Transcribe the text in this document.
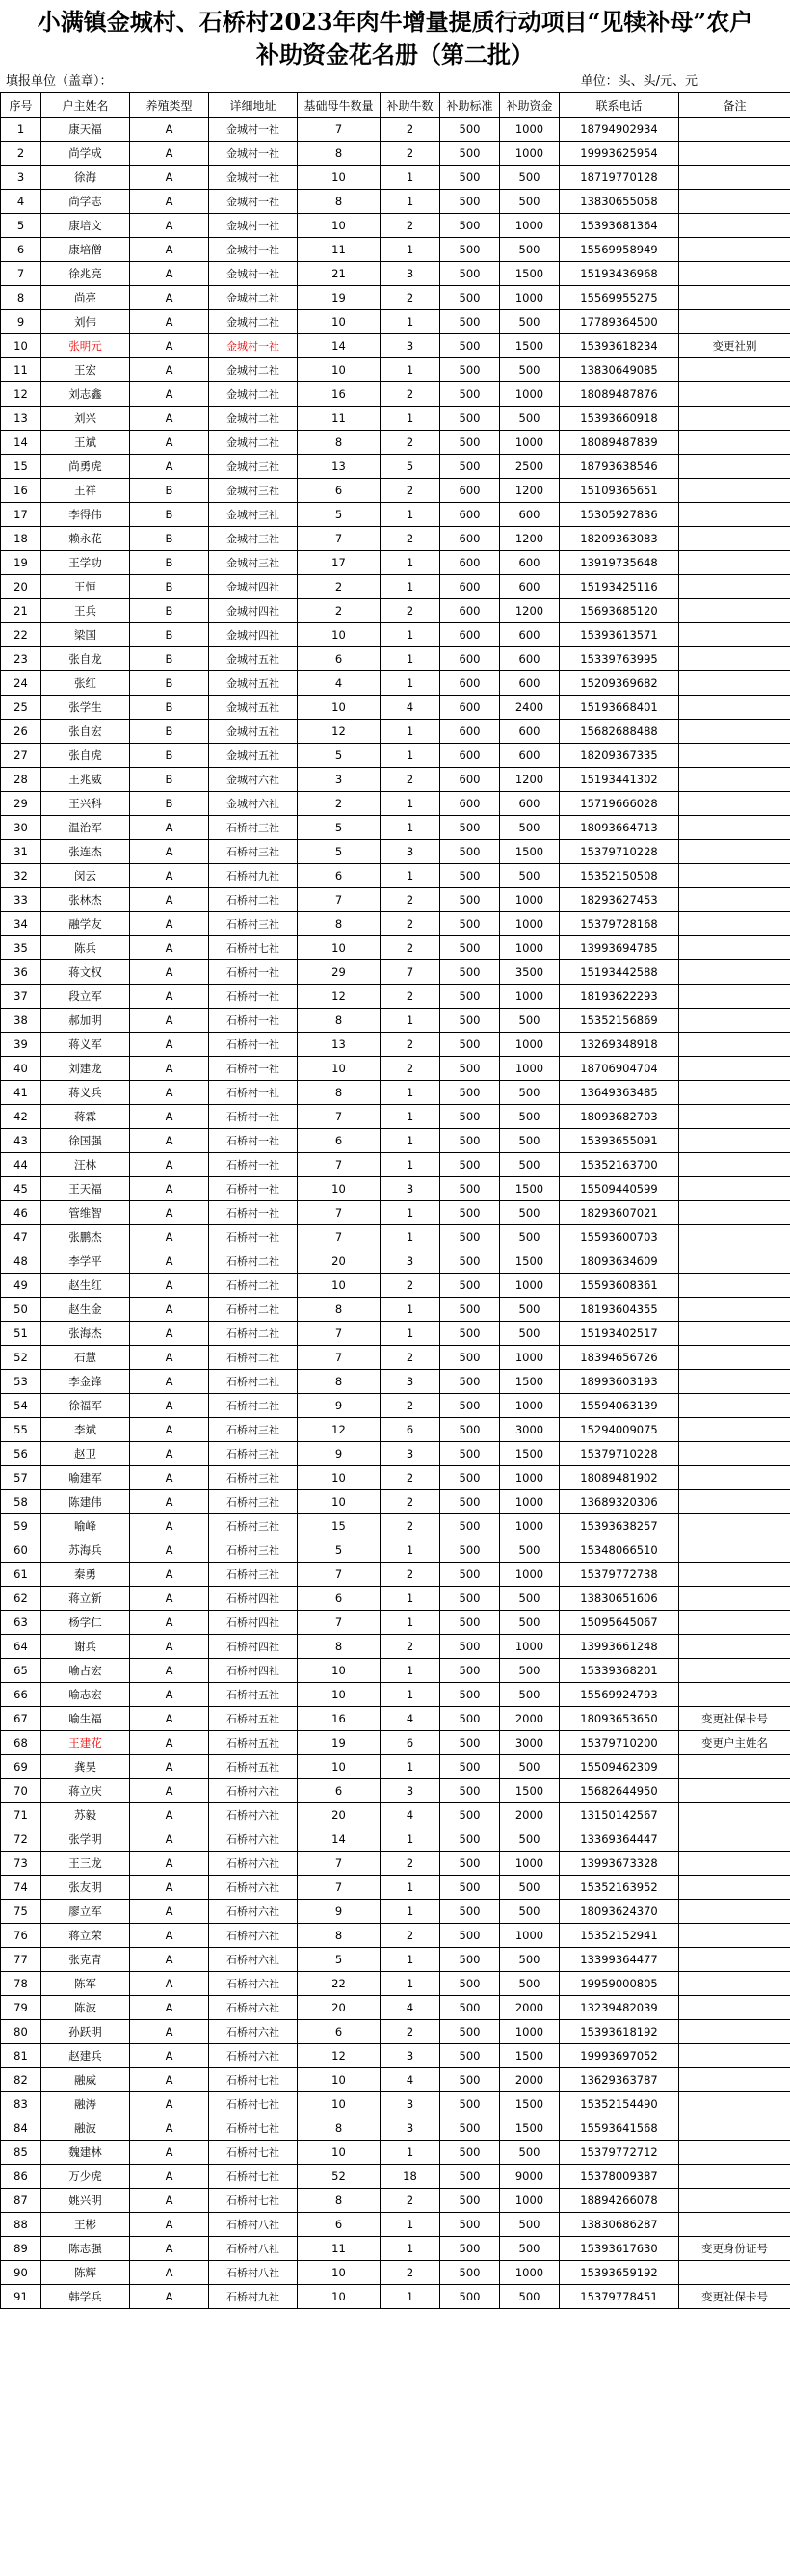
小满镇金城村、石桥村2023年肉牛增量提质行动项目“见犊补母”农户
补助资金花名册（第二批）
填报单位（盖章）：	单位：头、头/元、元
序号	户主姓名	养殖类型	详细地址	基础母牛数量	补助牛数	补助标准	补助资金	联系电话	备注
1	康天福	A	金城村一社	7	2	500	1000	18794902934	
2	尚学成	A	金城村一社	8	2	500	1000	19993625954	
3	徐海	A	金城村一社	10	1	500	500	18719770128	
4	尚学志	A	金城村一社	8	1	500	500	13830655058	
5	康培文	A	金城村一社	10	2	500	1000	15393681364	
6	康培僧	A	金城村一社	11	1	500	500	15569958949	
7	徐兆亮	A	金城村一社	21	3	500	1500	15193436968	
8	尚亮	A	金城村二社	19	2	500	1000	15569955275	
9	刘伟	A	金城村二社	10	1	500	500	17789364500	
10	张明元	A	金城村一社	14	3	500	1500	15393618234	变更社别
11	王宏	A	金城村二社	10	1	500	500	13830649085	
12	刘志鑫	A	金城村二社	16	2	500	1000	18089487876	
13	刘兴	A	金城村二社	11	1	500	500	15393660918	
14	王斌	A	金城村二社	8	2	500	1000	18089487839	
15	尚勇虎	A	金城村三社	13	5	500	2500	18793638546	
16	王祥	B	金城村三社	6	2	600	1200	15109365651	
17	李得伟	B	金城村三社	5	1	600	600	15305927836	
18	赖永花	B	金城村三社	7	2	600	1200	18209363083	
19	王学功	B	金城村三社	17	1	600	600	13919735648	
20	王恒	B	金城村四社	2	1	600	600	15193425116	
21	王兵	B	金城村四社	2	2	600	1200	15693685120	
22	梁国	B	金城村四社	10	1	600	600	15393613571	
23	张自龙	B	金城村五社	6	1	600	600	15339763995	
24	张红	B	金城村五社	4	1	600	600	15209369682	
25	张学生	B	金城村五社	10	4	600	2400	15193668401	
26	张自宏	B	金城村五社	12	1	600	600	15682688488	
27	张自虎	B	金城村五社	5	1	600	600	18209367335	
28	王兆威	B	金城村六社	3	2	600	1200	15193441302	
29	王兴科	B	金城村六社	2	1	600	600	15719666028	
30	温治军	A	石桥村三社	5	1	500	500	18093664713	
31	张连杰	A	石桥村三社	5	3	500	1500	15379710228	
32	闵云	A	石桥村九社	6	1	500	500	15352150508	
33	张林杰	A	石桥村二社	7	2	500	1000	18293627453	
34	融学友	A	石桥村三社	8	2	500	1000	15379728168	
35	陈兵	A	石桥村七社	10	2	500	1000	13993694785	
36	蒋文权	A	石桥村一社	29	7	500	3500	15193442588	
37	段立军	A	石桥村一社	12	2	500	1000	18193622293	
38	郝加明	A	石桥村一社	8	1	500	500	15352156869	
39	蒋义军	A	石桥村一社	13	2	500	1000	13269348918	
40	刘建龙	A	石桥村一社	10	2	500	1000	18706904704	
41	蒋义兵	A	石桥村一社	8	1	500	500	13649363485	
42	蒋霖	A	石桥村一社	7	1	500	500	18093682703	
43	徐国强	A	石桥村一社	6	1	500	500	15393655091	
44	汪林	A	石桥村一社	7	1	500	500	15352163700	
45	王天福	A	石桥村一社	10	3	500	1500	15509440599	
46	管维智	A	石桥村一社	7	1	500	500	18293607021	
47	张鹏杰	A	石桥村一社	7	1	500	500	15593600703	
48	李学平	A	石桥村二社	20	3	500	1500	18093634609	
49	赵生红	A	石桥村二社	10	2	500	1000	15593608361	
50	赵生金	A	石桥村二社	8	1	500	500	18193604355	
51	张海杰	A	石桥村二社	7	1	500	500	15193402517	
52	石慧	A	石桥村二社	7	2	500	1000	18394656726	
53	李金锋	A	石桥村二社	8	3	500	1500	18993603193	
54	徐福军	A	石桥村二社	9	2	500	1000	15594063139	
55	李斌	A	石桥村三社	12	6	500	3000	15294009075	
56	赵卫	A	石桥村三社	9	3	500	1500	15379710228	
57	喻建军	A	石桥村三社	10	2	500	1000	18089481902	
58	陈建伟	A	石桥村三社	10	2	500	1000	13689320306	
59	喻峰	A	石桥村三社	15	2	500	1000	15393638257	
60	苏海兵	A	石桥村三社	5	1	500	500	15348066510	
61	秦勇	A	石桥村三社	7	2	500	1000	15379772738	
62	蒋立新	A	石桥村四社	6	1	500	500	13830651606	
63	杨学仁	A	石桥村四社	7	1	500	500	15095645067	
64	谢兵	A	石桥村四社	8	2	500	1000	13993661248	
65	喻占宏	A	石桥村四社	10	1	500	500	15339368201	
66	喻志宏	A	石桥村五社	10	1	500	500	15569924793	
67	喻生福	A	石桥村五社	16	4	500	2000	18093653650	变更社保卡号
68	王建花	A	石桥村五社	19	6	500	3000	15379710200	变更户主姓名
69	龚昊	A	石桥村五社	10	1	500	500	15509462309	
70	蒋立庆	A	石桥村六社	6	3	500	1500	15682644950	
71	苏毅	A	石桥村六社	20	4	500	2000	13150142567	
72	张学明	A	石桥村六社	14	1	500	500	13369364447	
73	王三龙	A	石桥村六社	7	2	500	1000	13993673328	
74	张友明	A	石桥村六社	7	1	500	500	15352163952	
75	廖立军	A	石桥村六社	9	1	500	500	18093624370	
76	蒋立荣	A	石桥村六社	8	2	500	1000	15352152941	
77	张克青	A	石桥村六社	5	1	500	500	13399364477	
78	陈军	A	石桥村六社	22	1	500	500	19959000805	
79	陈波	A	石桥村六社	20	4	500	2000	13239482039	
80	孙跃明	A	石桥村六社	6	2	500	1000	15393618192	
81	赵建兵	A	石桥村六社	12	3	500	1500	19993697052	
82	融威	A	石桥村七社	10	4	500	2000	13629363787	
83	融涛	A	石桥村七社	10	3	500	1500	15352154490	
84	融波	A	石桥村七社	8	3	500	1500	15593641568	
85	魏建林	A	石桥村七社	10	1	500	500	15379772712	
86	万少虎	A	石桥村七社	52	18	500	9000	15378009387	
87	姚兴明	A	石桥村七社	8	2	500	1000	18894266078	
88	王彬	A	石桥村八社	6	1	500	500	13830686287	
89	陈志强	A	石桥村八社	11	1	500	500	15393617630	变更身份证号
90	陈辉	A	石桥村八社	10	2	500	1000	15393659192	
91	韩学兵	A	石桥村九社	10	1	500	500	15379778451	变更社保卡号
